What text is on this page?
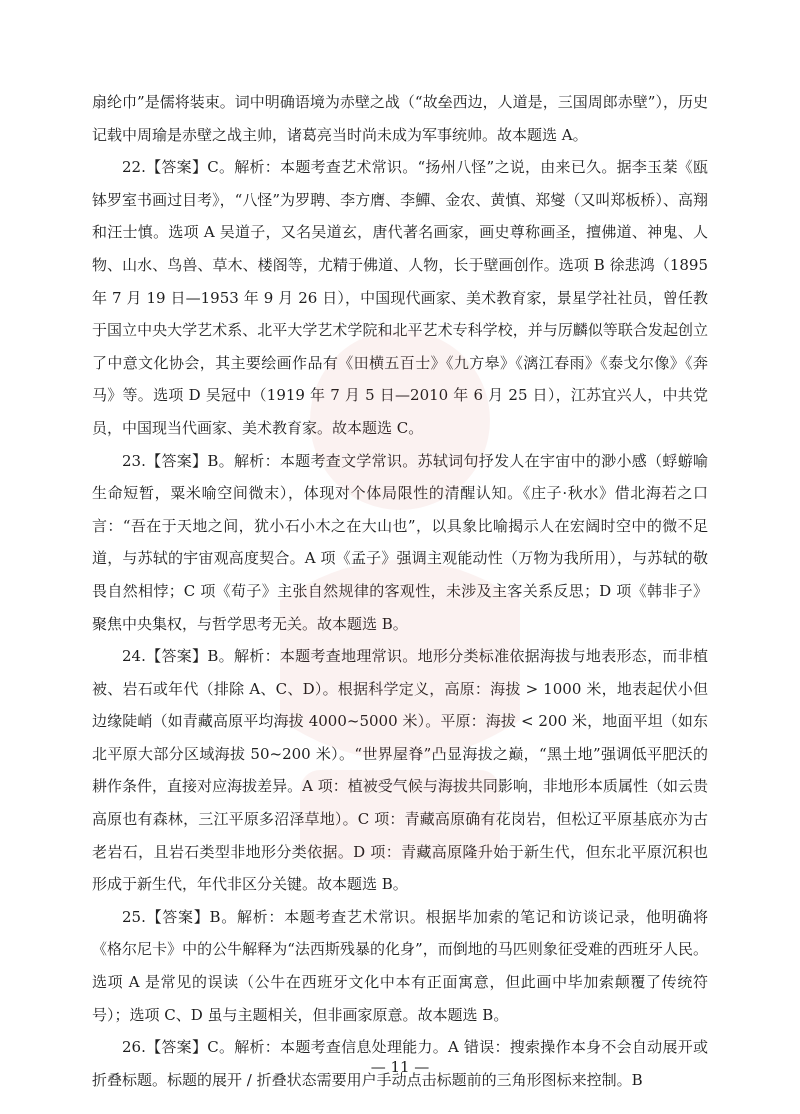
扇纶巾”是儒将装束。词中明确语境为赤壁之战（“故垒西边，人道是，三国周郎赤壁”），历史记载中周瑜是赤壁之战主帅，诸葛亮当时尚未成为军事统帅。故本题选 A。

22.【答案】C。解析：本题考查艺术常识。“扬州八怪”之说，由来已久。据李玉棻《瓯钵罗室书画过目考》，“八怪”为罗聘、李方膺、李鱓、金农、黄慎、郑燮（又叫郑板桥）、高翔和汪士慎。选项 A 吴道子，又名吴道玄，唐代著名画家，画史尊称画圣，擅佛道、神鬼、人物、山水、鸟兽、草木、楼阁等，尤精于佛道、人物，长于壁画创作。选项 B 徐悲鸿（1895 年 7 月 19 日—1953 年 9 月 26 日），中国现代画家、美术教育家，景星学社社员，曾任教于国立中央大学艺术系、北平大学艺术学院和北平艺术专科学校，并与厉麟似等联合发起创立了中意文化协会，其主要绘画作品有《田横五百士》《九方皋》《漓江春雨》《泰戈尔像》《奔马》等。选项 D 吴冠中（1919 年 7 月 5 日—2010 年 6 月 25 日），江苏宜兴人，中共党员，中国现当代画家、美术教育家。故本题选 C。

23.【答案】B。解析：本题考查文学常识。苏轼词句抒发人在宇宙中的渺小感（蜉蝣喻生命短暂，粟米喻空间微末），体现对个体局限性的清醒认知。《庄子·秋水》借北海若之口言：“吾在于天地之间，犹小石小木之在大山也”，以具象比喻揭示人在宏阔时空中的微不足道，与苏轼的宇宙观高度契合。A 项《孟子》强调主观能动性（万物为我所用），与苏轼的敬畏自然相悖；C 项《荀子》主张自然规律的客观性，未涉及主客关系反思；D 项《韩非子》聚焦中央集权，与哲学思考无关。故本题选 B。

24.【答案】B。解析：本题考查地理常识。地形分类标准依据海拔与地表形态，而非植被、岩石或年代（排除 A、C、D）。根据科学定义，高原：海拔 > 1000 米，地表起伏小但边缘陡峭（如青藏高原平均海拔 4000~5000 米）。平原：海拔 < 200 米，地面平坦（如东北平原大部分区域海拔 50~200 米）。“世界屋脊”凸显海拔之巅，“黑土地”强调低平肥沃的耕作条件，直接对应海拔差异。A 项：植被受气候与海拔共同影响，非地形本质属性（如云贵高原也有森林，三江平原多沼泽草地）。C 项：青藏高原确有花岗岩，但松辽平原基底亦为古老岩石，且岩石类型非地形分类依据。D 项：青藏高原隆升始于新生代，但东北平原沉积也形成于新生代，年代非区分关键。故本题选 B。

25.【答案】B。解析：本题考查艺术常识。根据毕加索的笔记和访谈记录，他明确将《格尔尼卡》中的公牛解释为“法西斯残暴的化身”，而倒地的马匹则象征受难的西班牙人民。选项 A 是常见的误读（公牛在西班牙文化中本有正面寓意，但此画中毕加索颠覆了传统符号）；选项 C、D 虽与主题相关，但非画家原意。故本题选 B。

26.【答案】C。解析：本题考查信息处理能力。A 错误：搜索操作本身不会自动展开或折叠标题。标题的展开 / 折叠状态需要用户手动点击标题前的三角形图标来控制。B

— 11 —
